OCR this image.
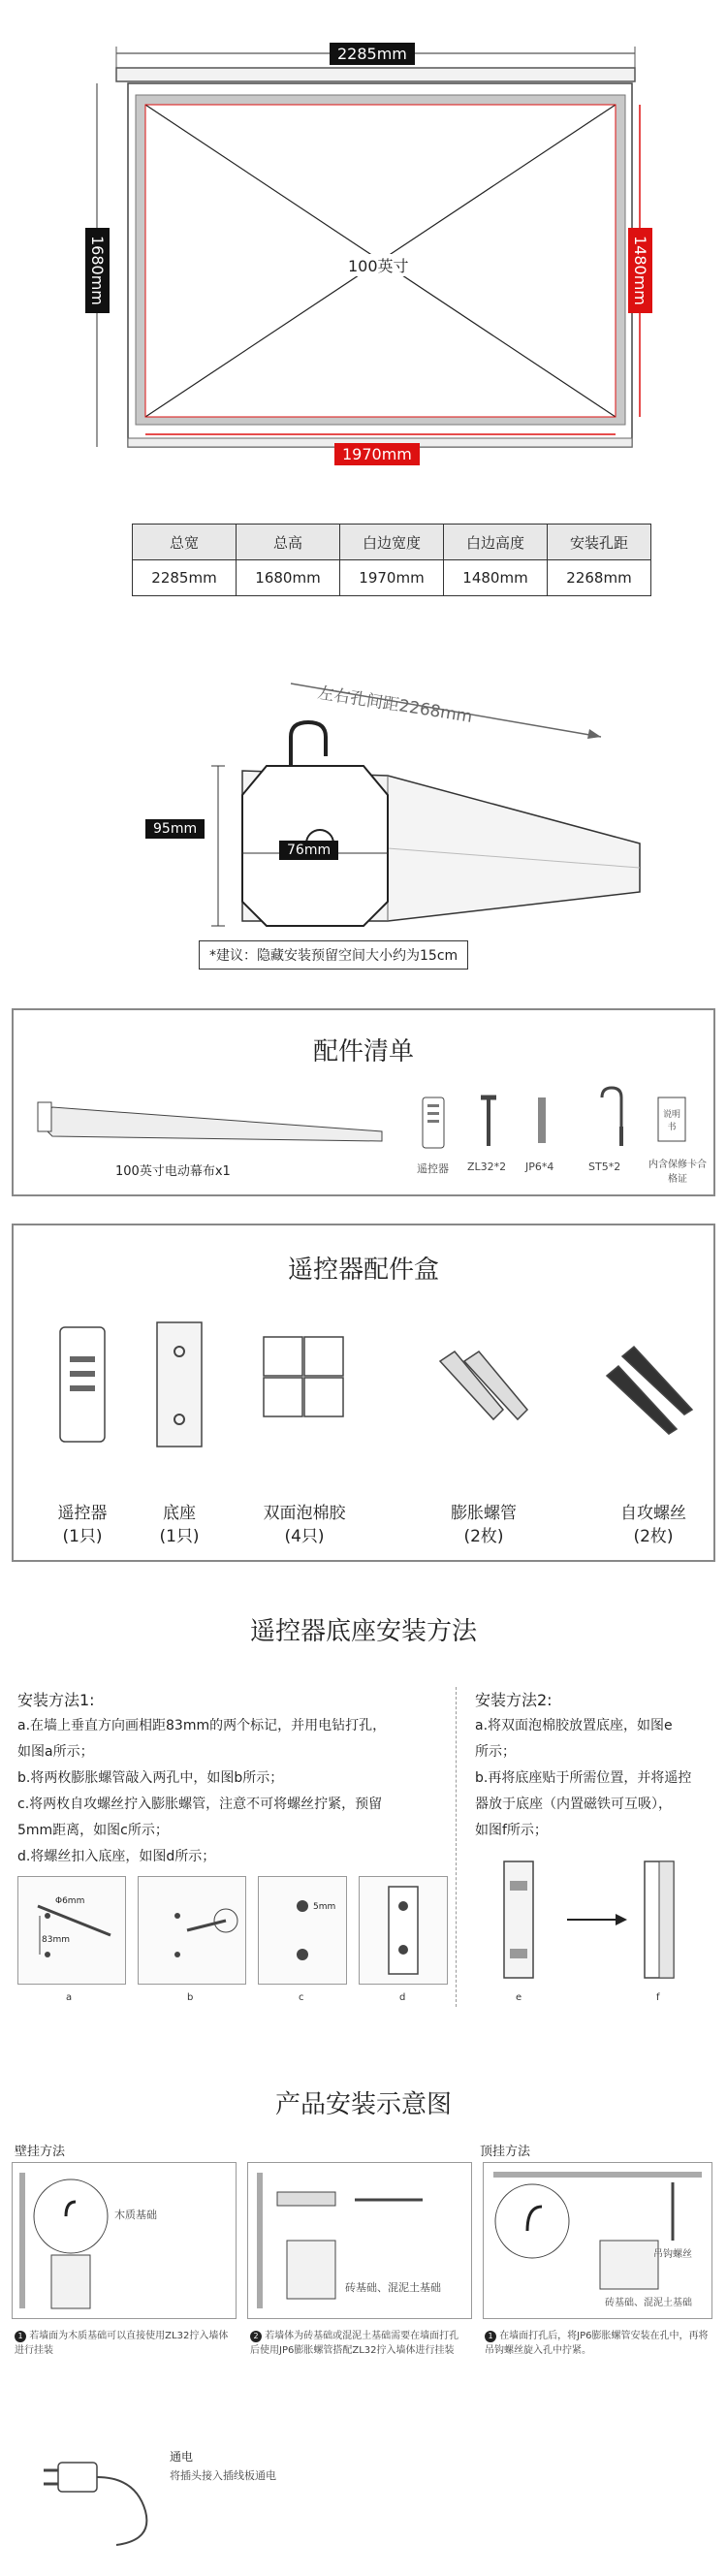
2285mm
1680mm	1480mm
1970mm
100英寸
总宽	总高	白边宽度	白边高度	安装孔距
2285mm	1680mm	1970mm	1480mm	2268mm
左右孔间距2268mm
95mm
76mm
*建议：隐藏安装预留空间大小约为15cm
配件清单
说明书
100英寸电动幕布x1	遥控器 ZL32*2 JP6*4	ST5*2	内含保修卡合格证
遥控器配件盒
遥控器
(1只)
底座
(1只)
双面泡棉胶
(4只)
膨胀螺管
(2枚)
自攻螺丝
(2枚)
遥控器底座安装方法
安装方法1:
a.在墙上垂直方向画相距83mm的两个标记，并用电钻打孔，
如图a所示；
b.将两枚膨胀螺管敲入两孔中，如图b所示；
c.将两枚自攻螺丝拧入膨胀螺管，注意不可将螺丝拧紧，预留
5mm距离，如图c所示；
d.将螺丝扣入底座，如图d所示；
安装方法2:
a.将双面泡棉胶放置底座，如图e
所示；
b.再将底座贴于所需位置，并将遥控
器放于底座（内置磁铁可互吸），
如图f所示；
Φ6mm
83mm
5mm
a	b	c	d	e	f
产品安装示意图
壁挂方法	顶挂方法
木质基础
砖基础、混泥土基础
吊钩螺丝
砖基础、混泥土基础
1 若墙面为木质基础可以直接使用ZL32拧入墙体进行挂装
2 若墙体为砖基础或混泥土基础需要在墙面打孔后使用JP6膨胀螺管搭配ZL32拧入墙体进行挂装
1 在墙面打孔后，将JP6膨胀螺管安装在孔中，再将吊钩螺丝旋入孔中拧紧。
通电
将插头接入插线板通电
